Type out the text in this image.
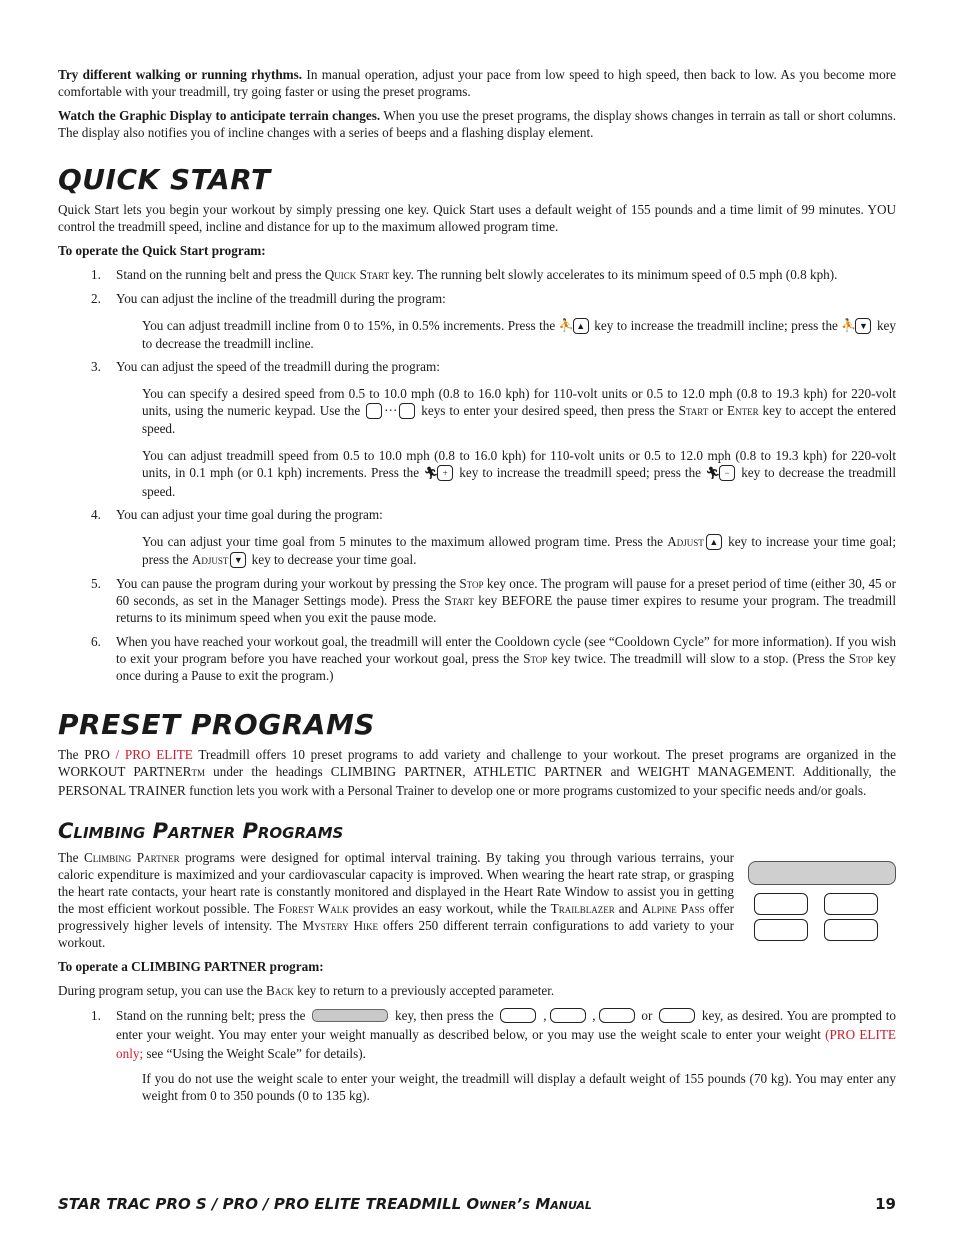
Try different walking or running rhythms. In manual operation, adjust your pace from low speed to high speed, then back to low. As you become more comfortable with your treadmill, try going faster or using the preset programs.

Watch the Graphic Display to anticipate terrain changes. When you use the preset programs, the display shows changes in terrain as tall or short columns. The display also notifies you of incline changes with a series of beeps and a flashing display element.

QUICK START

Quick Start lets you begin your workout by simply pressing one key. Quick Start uses a default weight of 155 pounds and a time limit of 99 minutes. YOU control the treadmill speed, incline and distance for up to the maximum allowed program time.

To operate the Quick Start program:

1. Stand on the running belt and press the Quick Start key. The running belt slowly accelerates to its minimum speed of 0.5 mph (0.8 kph).
2. You can adjust the incline of the treadmill during the program:

You can adjust treadmill incline from 0 to 15%, in 0.5% increments. Press the ⛹ ▲ key to increase the treadmill incline; press the ⛹ ▼ key to decrease the treadmill incline.

3. You can adjust the speed of the treadmill during the program:

You can specify a desired speed from 0.5 to 10.0 mph (0.8 to 16.0 kph) for 110-volt units or 0.5 to 12.0 mph (0.8 to 19.3 kph) for 220-volt units, using the numeric keypad. Use the ··· keys to enter your desired speed, then press the Start or Enter key to accept the entered speed.

You can adjust treadmill speed from 0.5 to 10.0 mph (0.8 to 16.0 kph) for 110-volt units or 0.5 to 12.0 mph (0.8 to 19.3 kph) for 220-volt units, in 0.1 mph (or 0.1 kph) increments. Press the 🏃︎ + key to increase the treadmill speed; press the 🏃︎ − key to decrease the treadmill speed.

4. You can adjust your time goal during the program:

You can adjust your time goal from 5 minutes to the maximum allowed program time. Press the Adjust ▲ key to increase your time goal; press the Adjust ▼ key to decrease your time goal.

5. You can pause the program during your workout by pressing the Stop key once. The program will pause for a preset period of time (either 30, 45 or 60 seconds, as set in the Manager Settings mode). Press the Start key BEFORE the pause timer expires to resume your program. The treadmill returns to its minimum speed when you exit the pause mode.
6. When you have reached your workout goal, the treadmill will enter the Cooldown cycle (see “Cooldown Cycle” for more information). If you wish to exit your program before you have reached your workout goal, press the Stop key twice. The treadmill will slow to a stop. (Press the Stop key once during a Pause to exit the program.)
PRESET PROGRAMS

The PRO / PRO ELITE Treadmill offers 10 preset programs to add variety and challenge to your workout. The preset programs are organized in the WORKOUT PARTNERTM under the headings CLIMBING PARTNER, ATHLETIC PARTNER and WEIGHT MANAGEMENT. Additionally, the PERSONAL TRAINER function lets you work with a Personal Trainer to develop one or more programs customized to your specific needs and/or goals.

Climbing Partner Programs

The Climbing Partner programs were designed for optimal interval training. By taking you through various terrains, your caloric expenditure is maximized and your cardiovascular capacity is improved. When wearing the heart rate strap, or grasping the heart rate contacts, your heart rate is constantly monitored and displayed in the Heart Rate Window to assist you in getting the most efficient workout possible. The Forest Walk provides an easy workout, while the Trailblazer and Alpine Pass offer progressively higher levels of intensity. The Mystery Hike offers 250 different terrain configurations to add variety to your workout.

To operate a CLIMBING PARTNER program:

During program setup, you can use the Back key to return to a previously accepted parameter.

1. Stand on the running belt; press the	key, then press the	,	,	or	key, as desired. You are prompted to enter your weight. You may enter your weight manually as described below, or you may use the weight scale to enter your weight (PRO ELITE only; see “Using the Weight Scale” for details).

If you do not use the weight scale to enter your weight, the treadmill will display a default weight of 155 pounds (70 kg). You may enter any weight from 0 to 350 pounds (0 to 135 kg).

STAR TRAC PRO S / PRO / PRO ELITE TREADMILL Owner’s Manual	19
